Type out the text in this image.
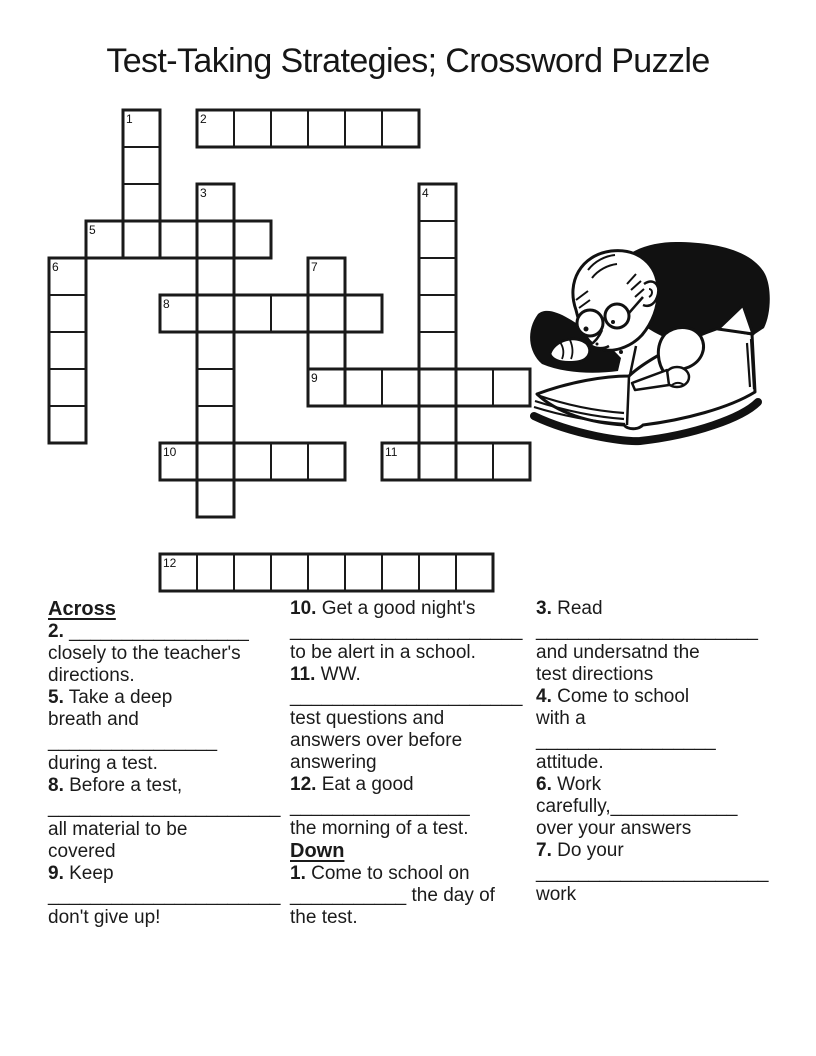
Test-Taking Strategies; Crossword Puzzle
1	2
3	4
5
6	7
8
9
10	11
12
Across
2. _________________
closely to the teacher's
directions.
5. Take a deep
breath and
________________
during a test.
8. Before a test,
______________________
all material to be
covered
9. Keep
______________________
don't give up!
10. Get a good night's
______________________
to be alert in a school.
11. WW.
______________________
test questions and
answers over before
answering
12. Eat a good
_________________
the morning of a test.
Down
1. Come to school on
___________ the day of
the test.
3. Read
_____________________
and undersatnd the
test directions
4. Come to school
with a
_________________
attitude.
6. Work
carefully,____________
over your answers
7. Do your
______________________
work
